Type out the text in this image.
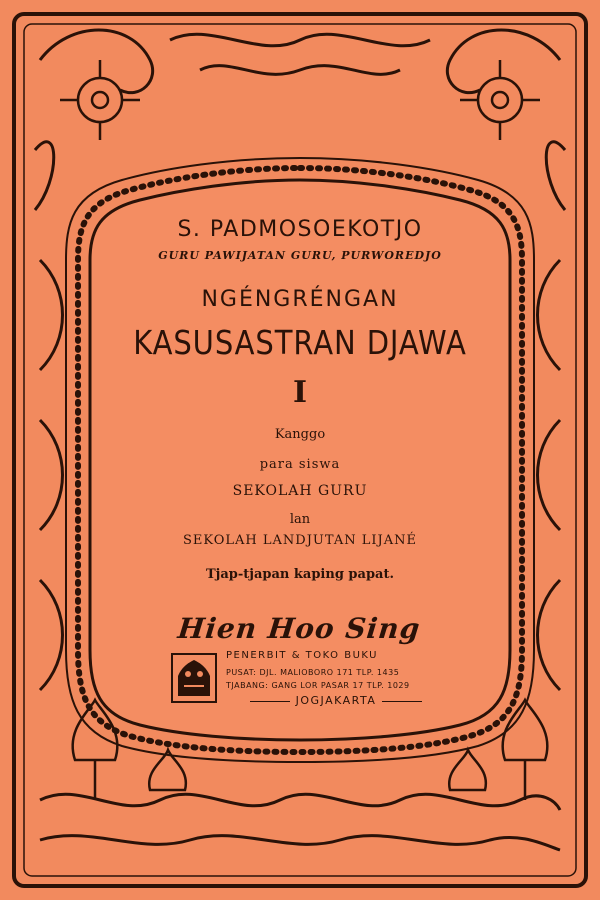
S. PADMOSOEKOTJO
GURU PAWIJATAN GURU, PURWOREDJO
NGÉNGRÉNGAN
KASUSASTRAN DJAWA
I
Kanggo
para siswa
SEKOLAH GURU
lan
SEKOLAH LANDJUTAN LIJANÉ
Tjap-tjapan kaping papat.
Hien Hoo Sing
PENERBIT & TOKO BUKU
PUSAT: DJL. MALIOBORO 171 TLP. 1435
TJABANG: GANG LOR PASAR 17 TLP. 1029
JOGJAKARTA
